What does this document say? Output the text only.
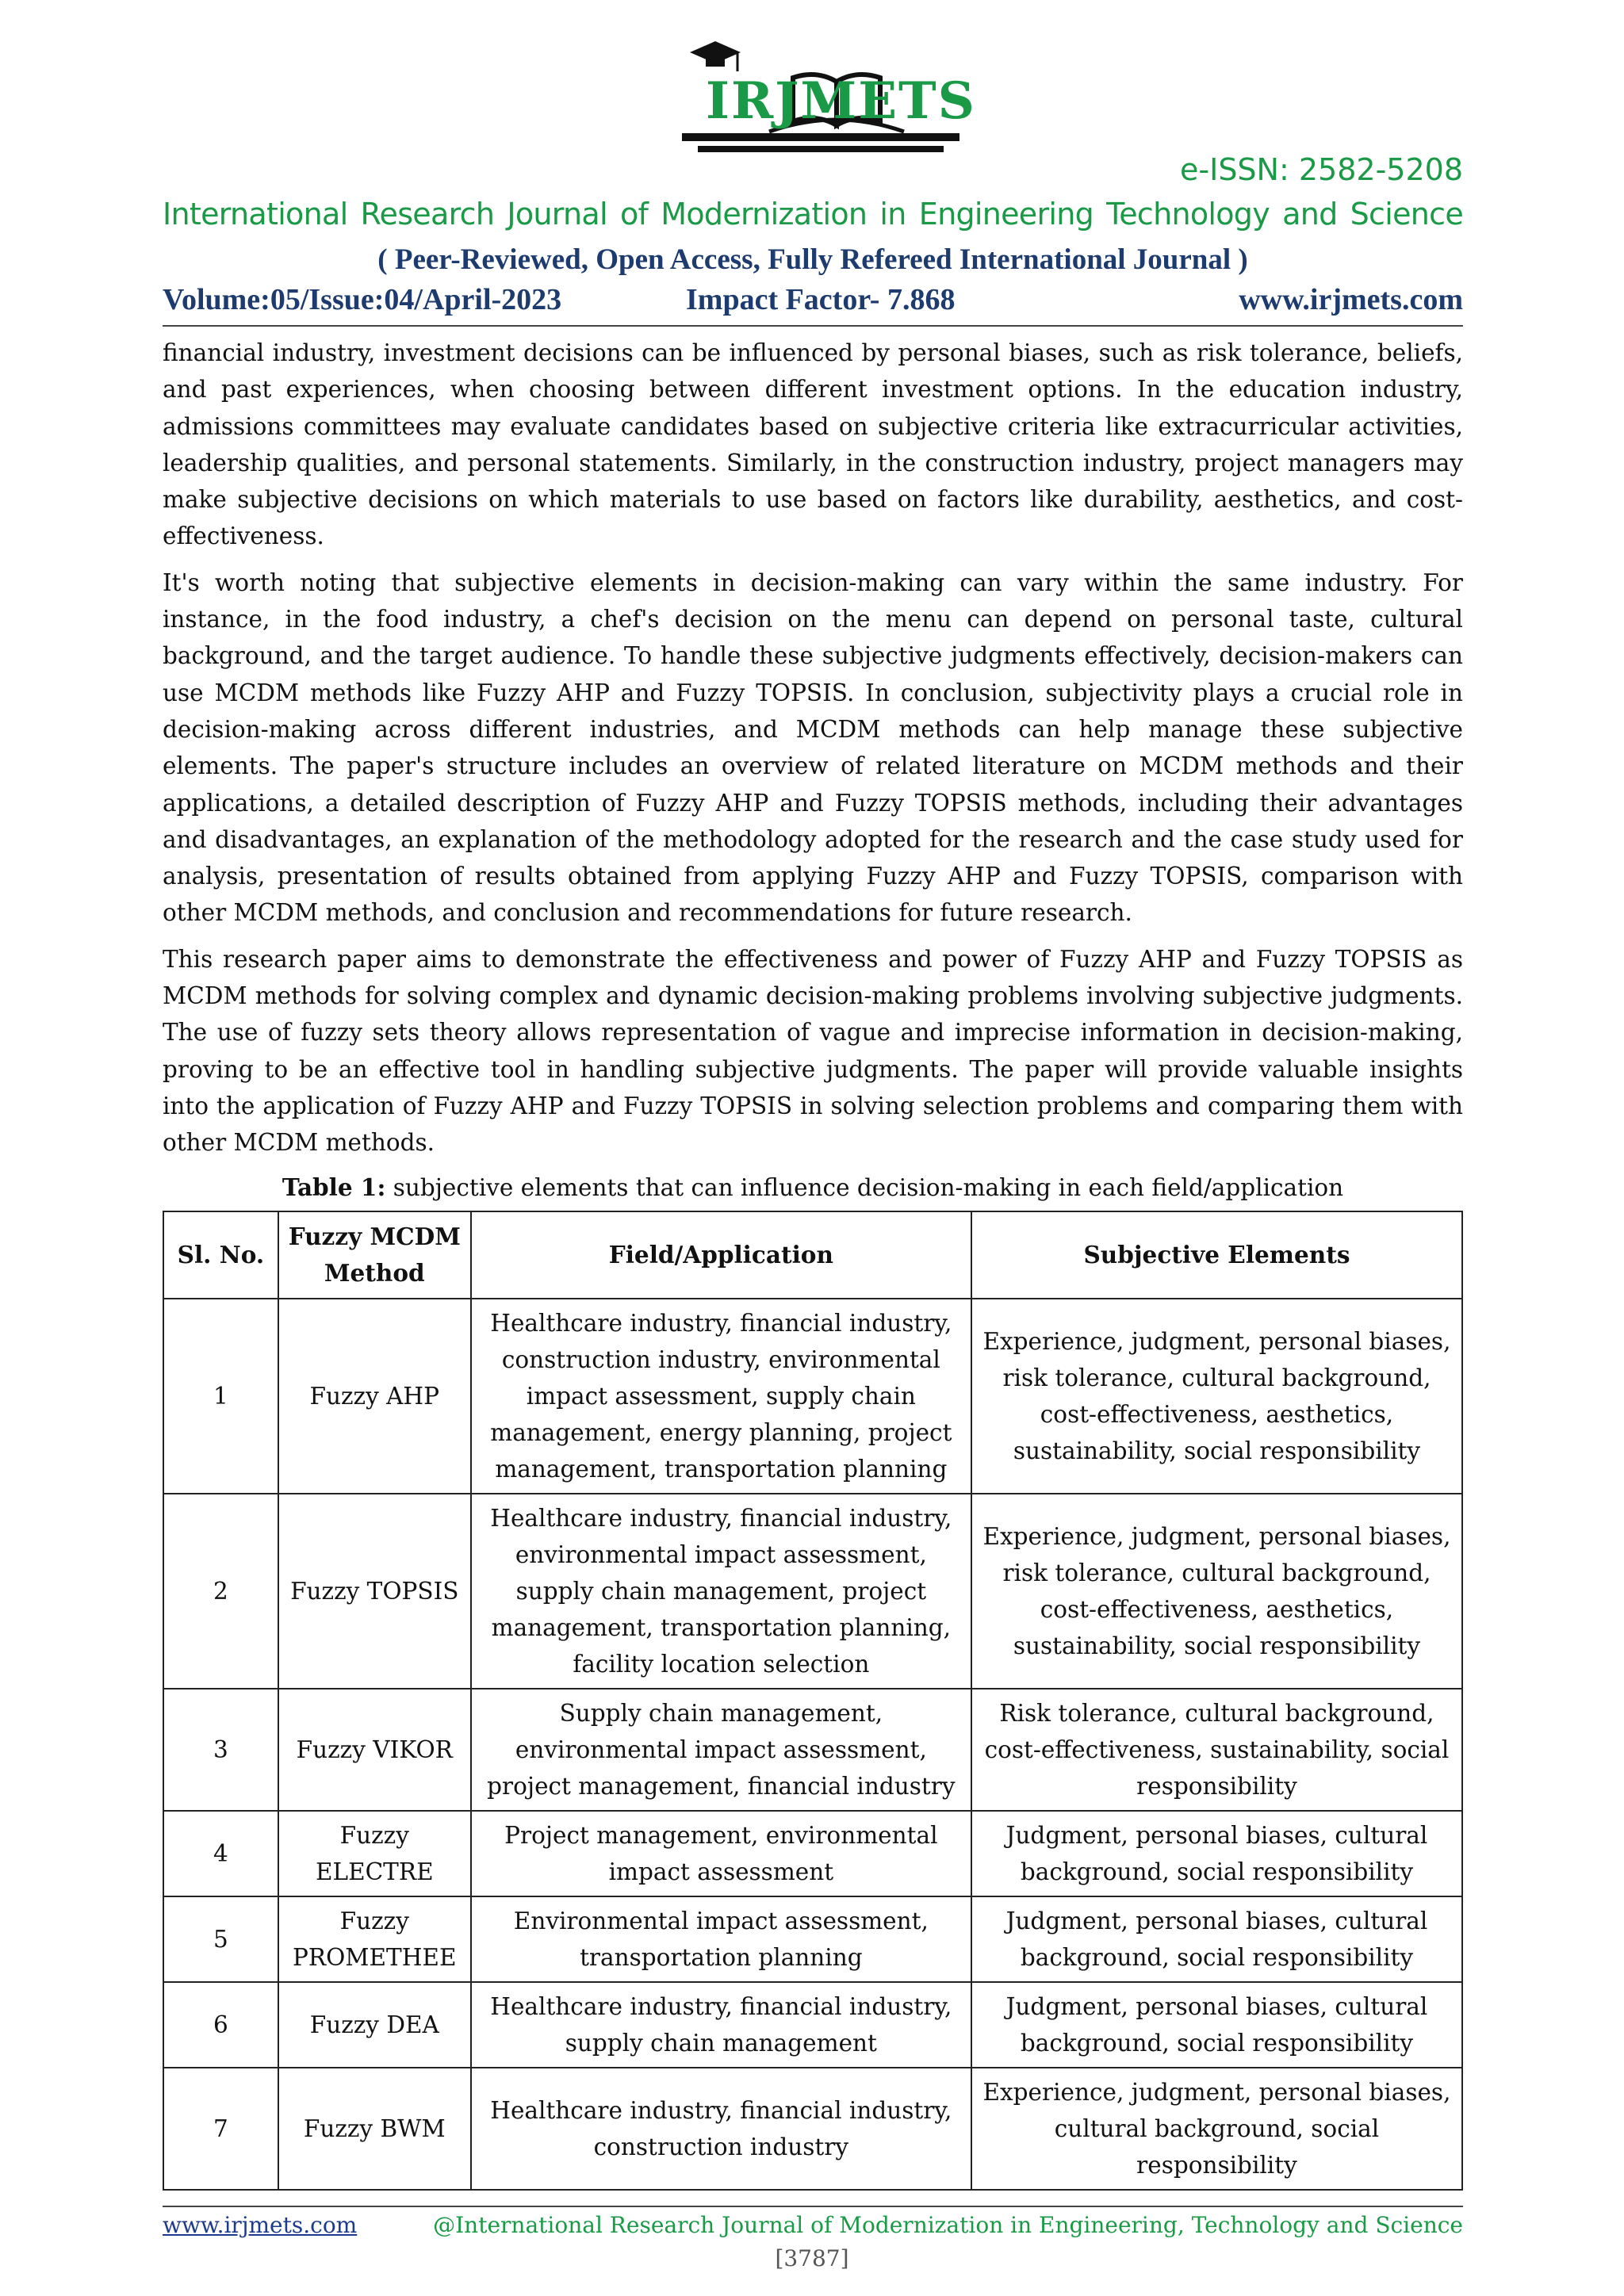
IRJMETS
e-ISSN: 2582-5208
International Research Journal of Modernization in Engineering Technology and Science
( Peer-Reviewed, Open Access, Fully Refereed International Journal )
Volume:05/Issue:04/April-2023	Impact Factor- 7.868	www.irjmets.com

financial industry, investment decisions can be influenced by personal biases, such as risk tolerance, beliefs, and past experiences, when choosing between different investment options. In the education industry, admissions committees may evaluate candidates based on subjective criteria like extracurricular activities, leadership qualities, and personal statements. Similarly, in the construction industry, project managers may make subjective decisions on which materials to use based on factors like durability, aesthetics, and cost-effectiveness.

It's worth noting that subjective elements in decision-making can vary within the same industry. For instance, in the food industry, a chef's decision on the menu can depend on personal taste, cultural background, and the target audience. To handle these subjective judgments effectively, decision-makers can use MCDM methods like Fuzzy AHP and Fuzzy TOPSIS. In conclusion, subjectivity plays a crucial role in decision-making across different industries, and MCDM methods can help manage these subjective elements. The paper's structure includes an overview of related literature on MCDM methods and their applications, a detailed description of Fuzzy AHP and Fuzzy TOPSIS methods, including their advantages and disadvantages, an explanation of the methodology adopted for the research and the case study used for analysis, presentation of results obtained from applying Fuzzy AHP and Fuzzy TOPSIS, comparison with other MCDM methods, and conclusion and recommendations for future research.

This research paper aims to demonstrate the effectiveness and power of Fuzzy AHP and Fuzzy TOPSIS as MCDM methods for solving complex and dynamic decision-making problems involving subjective judgments. The use of fuzzy sets theory allows representation of vague and imprecise information in decision-making, proving to be an effective tool in handling subjective judgments. The paper will provide valuable insights into the application of Fuzzy AHP and Fuzzy TOPSIS in solving selection problems and comparing them with other MCDM methods.

Table 1: subjective elements that can influence decision-making in each field/application
Sl. No.	Fuzzy MCDM Method	Field/Application	Subjective Elements
1	Fuzzy AHP	Healthcare industry, financial industry, construction industry, environmental impact assessment, supply chain management, energy planning, project management, transportation planning	Experience, judgment, personal biases, risk tolerance, cultural background, cost-effectiveness, aesthetics, sustainability, social responsibility
2	Fuzzy TOPSIS	Healthcare industry, financial industry, environmental impact assessment, supply chain management, project management, transportation planning, facility location selection	Experience, judgment, personal biases, risk tolerance, cultural background, cost-effectiveness, aesthetics, sustainability, social responsibility
3	Fuzzy VIKOR	Supply chain management, environmental impact assessment, project management, financial industry	Risk tolerance, cultural background, cost-effectiveness, sustainability, social responsibility
4	Fuzzy ELECTRE	Project management, environmental impact assessment	Judgment, personal biases, cultural background, social responsibility
5	Fuzzy PROMETHEE	Environmental impact assessment, transportation planning	Judgment, personal biases, cultural background, social responsibility
6	Fuzzy DEA	Healthcare industry, financial industry, supply chain management	Judgment, personal biases, cultural background, social responsibility
7	Fuzzy BWM	Healthcare industry, financial industry, construction industry	Experience, judgment, personal biases, cultural background, social responsibility
www.irjmets.com	@International Research Journal of Modernization in Engineering, Technology and Science
[3787]
